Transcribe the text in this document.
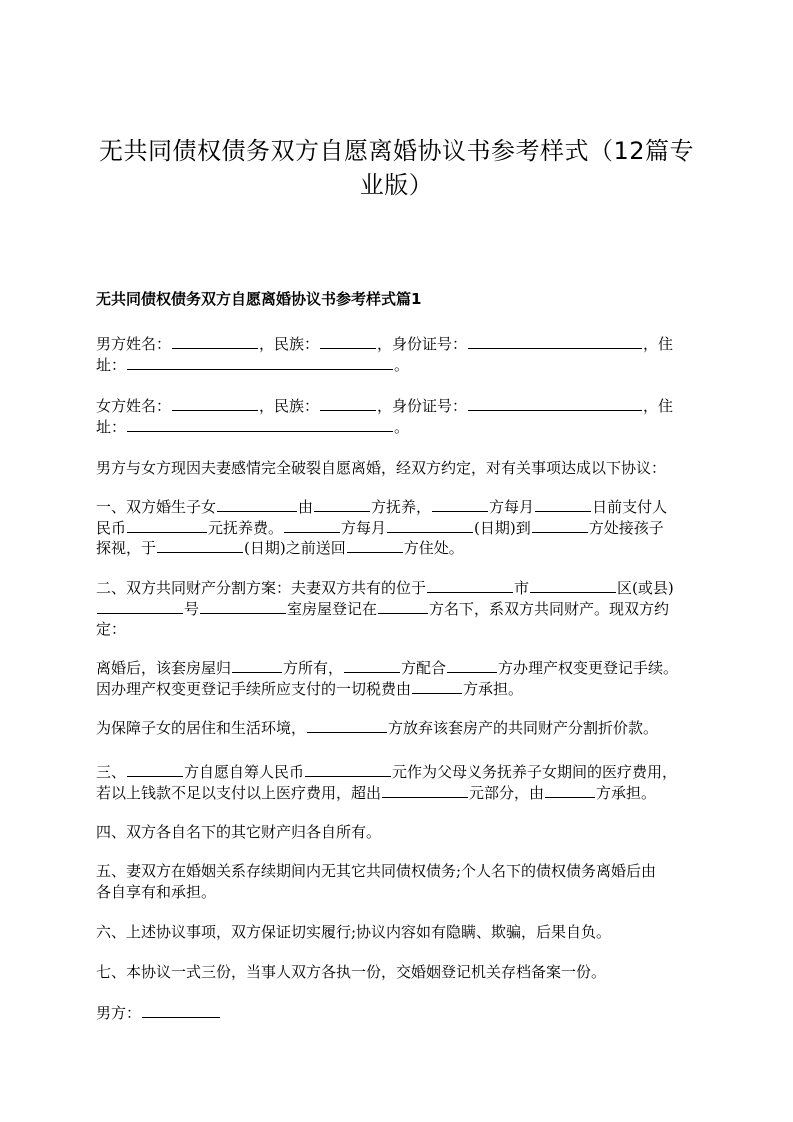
无共同债权债务双方自愿离婚协议书参考样式（12篇专
业版）
无共同债权债务双方自愿离婚协议书参考样式篇1
男方姓名：	，民族：	，身份证号：	，住
址：	。
女方姓名：	，民族：	，身份证号：	，住
址：	。
男方与女方现因夫妻感情完全破裂自愿离婚，经双方约定，对有关事项达成以下协议：
一、双方婚生子女	由	方抚养，	方每月	日前支付人
民币	元抚养费。	方每月	(日期)到	方处接孩子
探视，于	(日期)之前送回	方住处。
二、双方共同财产分割方案：夫妻双方共有的位于	市	区(或县)
号	室房屋登记在	方名下，系双方共同财产。现双方约
定：
离婚后，该套房屋归	方所有，	方配合	方办理产权变更登记手续。
因办理产权变更登记手续所应支付的一切税费由	方承担。
为保障子女的居住和生活环境，	方放弃该套房产的共同财产分割折价款。
三、	方自愿自筹人民币	元作为父母义务抚养子女期间的医疗费用，
若以上钱款不足以支付以上医疗费用，超出	元部分，由	方承担。
四、双方各自名下的其它财产归各自所有。
五、妻双方在婚姻关系存续期间内无其它共同债权债务;个人名下的债权债务离婚后由
各自享有和承担。
六、上述协议事项，双方保证切实履行;协议内容如有隐瞒、欺骗，后果自负。
七、本协议一式三份，当事人双方各执一份，交婚姻登记机关存档备案一份。
男方：
